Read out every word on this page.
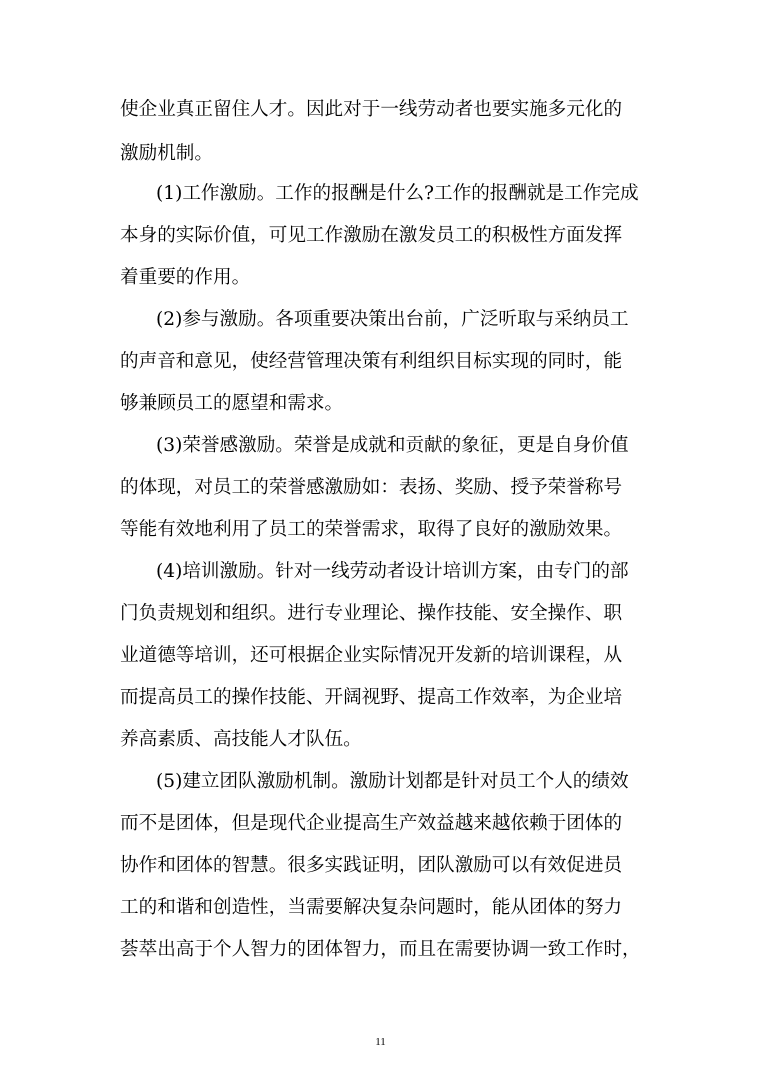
使企业真正留住人才。因此对于一线劳动者也要实施多元化的
激励机制。
(1)工作激励。工作的报酬是什么?工作的报酬就是工作完成
本身的实际价值，可见工作激励在激发员工的积极性方面发挥
着重要的作用。
(2)参与激励。各项重要决策出台前，广泛听取与采纳员工
的声音和意见，使经营管理决策有利组织目标实现的同时，能
够兼顾员工的愿望和需求。
(3)荣誉感激励。荣誉是成就和贡献的象征，更是自身价值
的体现，对员工的荣誉感激励如：表扬、奖励、授予荣誉称号
等能有效地利用了员工的荣誉需求，取得了良好的激励效果。
(4)培训激励。针对一线劳动者设计培训方案，由专门的部
门负责规划和组织。进行专业理论、操作技能、安全操作、职
业道德等培训，还可根据企业实际情况开发新的培训课程，从
而提高员工的操作技能、开阔视野、提高工作效率，为企业培
养高素质、高技能人才队伍。
(5)建立团队激励机制。激励计划都是针对员工个人的绩效
而不是团体，但是现代企业提高生产效益越来越依赖于团体的
协作和团体的智慧。很多实践证明，团队激励可以有效促进员
工的和谐和创造性，当需要解决复杂问题时，能从团体的努力
荟萃出高于个人智力的团体智力，而且在需要协调一致工作时，
11
